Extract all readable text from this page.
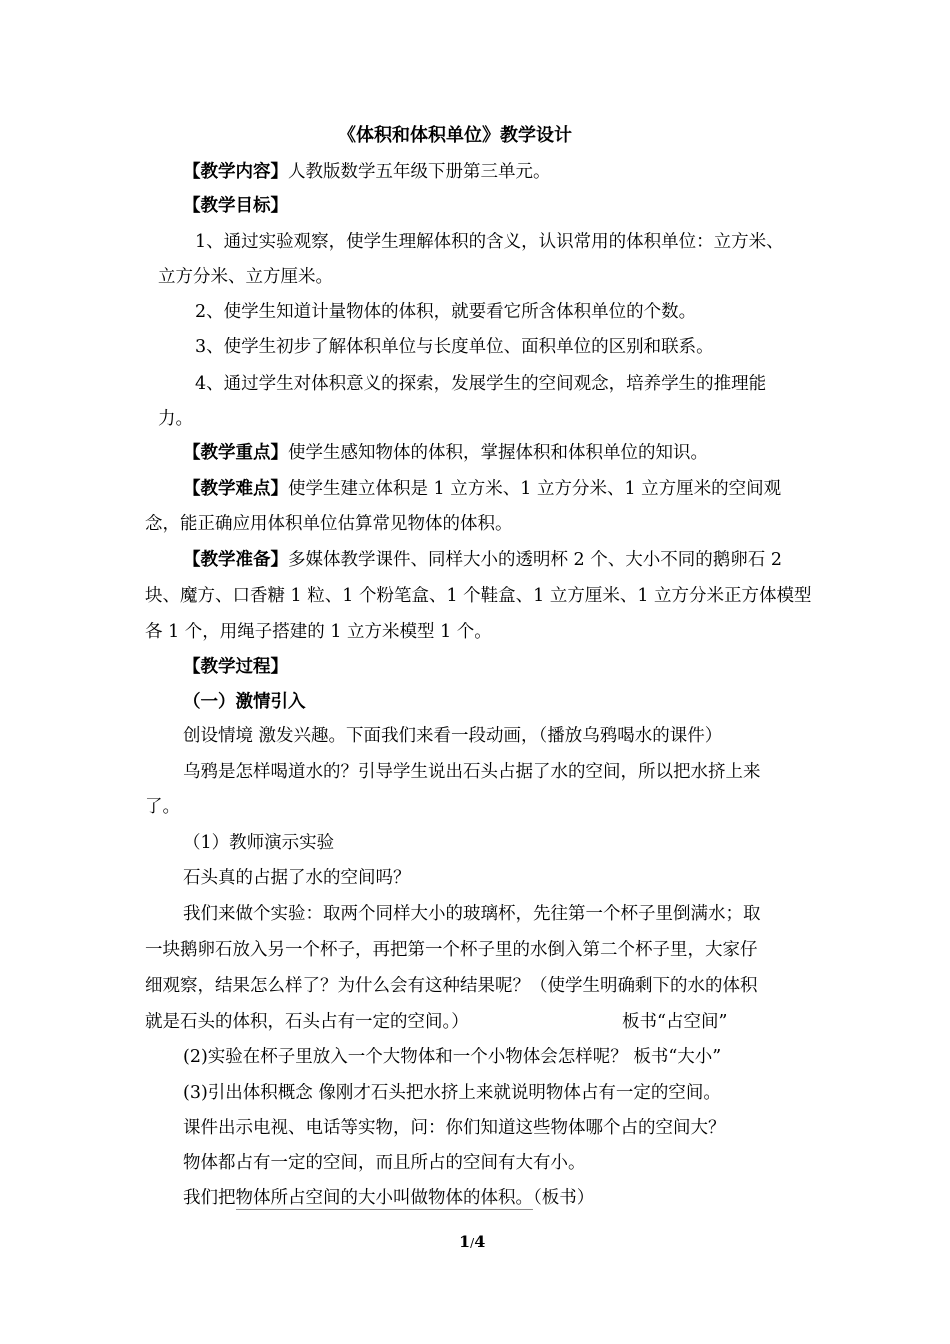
《体积和体积单位》教学设计
【教学内容】人教版数学五年级下册第三单元。
【教学目标】
1、通过实验观察，使学生理解体积的含义，认识常用的体积单位：立方米、
立方分米、立方厘米。
2、使学生知道计量物体的体积，就要看它所含体积单位的个数。
3、使学生初步了解体积单位与长度单位、面积单位的区别和联系。
4、通过学生对体积意义的探索，发展学生的空间观念，培养学生的推理能
力。
【教学重点】使学生感知物体的体积，掌握体积和体积单位的知识。
【教学难点】使学生建立体积是 1 立方米、1 立方分米、1 立方厘米的空间观
念，能正确应用体积单位估算常见物体的体积。
【教学准备】多媒体教学课件、同样大小的透明杯 2 个、大小不同的鹅卵石 2
块、魔方、口香糖 1 粒、1 个粉笔盒、1 个鞋盒、1 立方厘米、1 立方分米正方体模型
各 1 个，用绳子搭建的 1 立方米模型 1 个。
【教学过程】
（一）激情引入
创设情境 激发兴趣。下面我们来看一段动画，（播放乌鸦喝水的课件）
乌鸦是怎样喝道水的？引导学生说出石头占据了水的空间，所以把水挤上来
了。
（1）教师演示实验
石头真的占据了水的空间吗？
我们来做个实验：取两个同样大小的玻璃杯，先往第一个杯子里倒满水；取
一块鹅卵石放入另一个杯子，再把第一个杯子里的水倒入第二个杯子里，大家仔
细观察，结果怎么样了？为什么会有这种结果呢？（使学生明确剩下的水的体积
就是石头的体积，石头占有一定的空间。）	板书“占空间”
(2)实验在杯子里放入一个大物体和一个小物体会怎样呢？ 板书“大小”
(3)引出体积概念 像刚才石头把水挤上来就说明物体占有一定的空间。
课件出示电视、电话等实物，问：你们知道这些物体哪个占的空间大？
物体都占有一定的空间，而且所占的空间有大有小。
我们把物体所占空间的大小叫做物体的体积。（板书）
1/4
